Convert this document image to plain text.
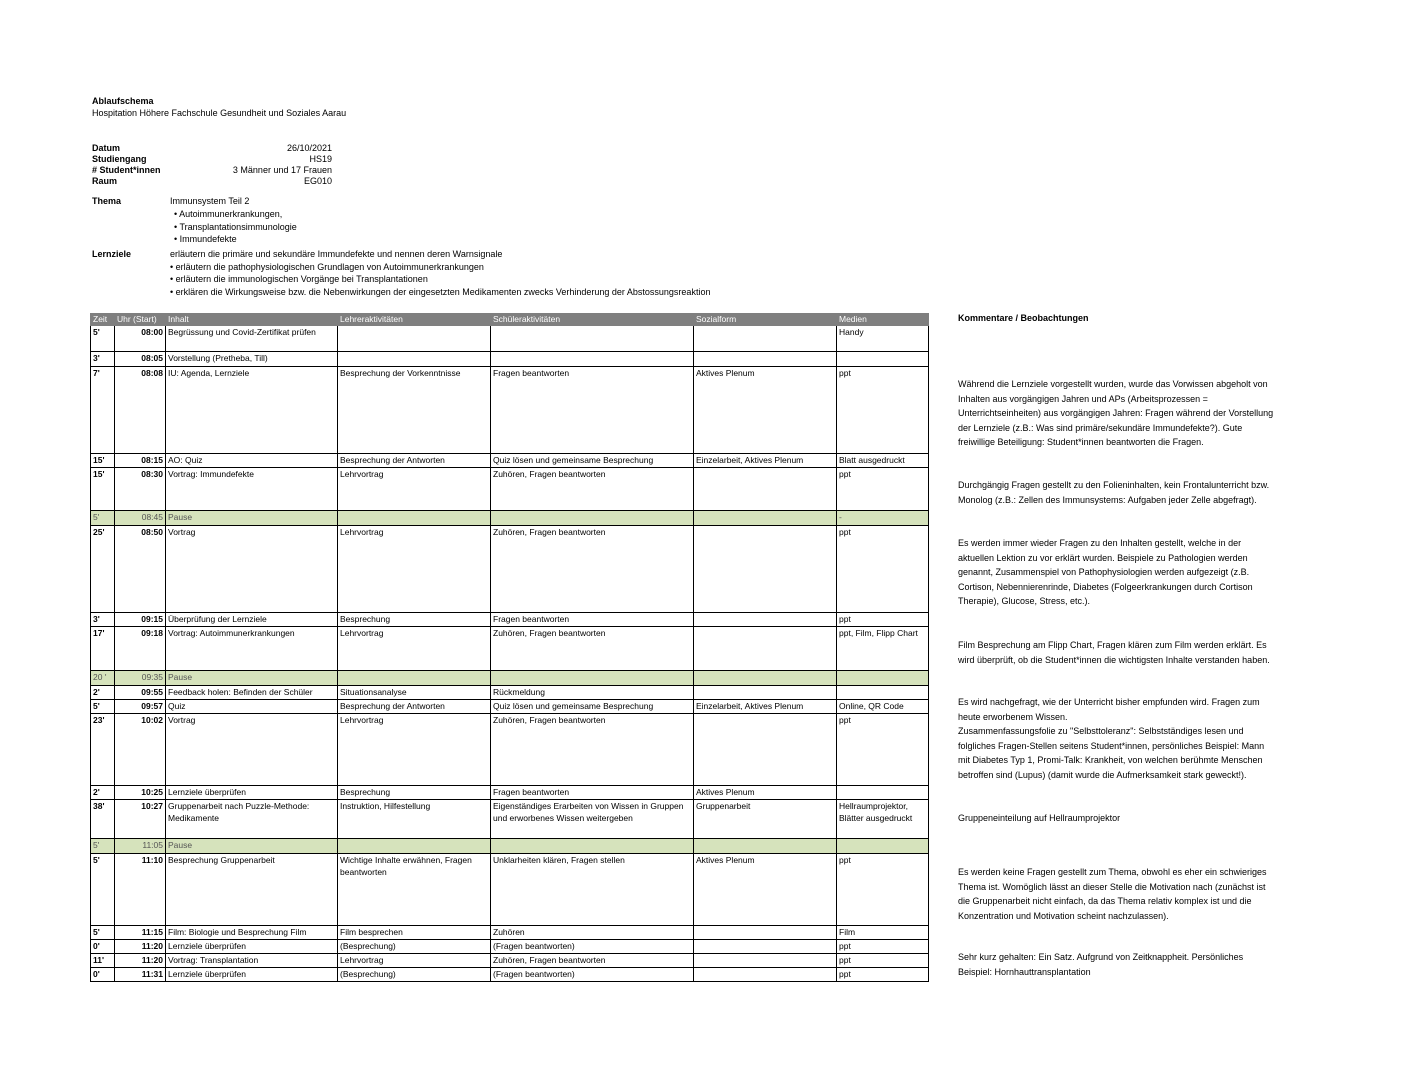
Ablaufschema
Hospitation Höhere Fachschule Gesundheit und Soziales Aarau
Datum	26/10/2021
Studiengang	HS19
# Student*innen	3 Männer und 17 Frauen
Raum	EG010
Thema	Immunsystem Teil 2
• Autoimmunerkrankungen,
• Transplantationsimmunologie
• Immundefekte
Lernziele	erläutern die primäre und sekundäre Immundefekte und nennen deren Warnsignale
• erläutern die pathophysiologischen Grundlagen von Autoimmunerkrankungen
• erläutern die immunologischen Vorgänge bei Transplantationen
• erklären die Wirkungsweise bzw. die Nebenwirkungen der eingesetzten Medikamenten zwecks Verhinderung der Abstossungsreaktion
Zeit	Uhr (Start)	Inhalt	Lehreraktivitäten	Schüleraktivitäten	Sozialform	Medien
5'	08:00	Begrüssung und Covid-Zertifikat prüfen				Handy
3'	08:05	Vorstellung (Pretheba, Till)				
7'	08:08	IU: Agenda, Lernziele	Besprechung der Vorkenntnisse	Fragen beantworten	Aktives Plenum	ppt
15'	08:15	AO: Quiz	Besprechung der Antworten	Quiz lösen und gemeinsame Besprechung	Einzelarbeit, Aktives Plenum	Blatt ausgedruckt
15'	08:30	Vortrag: Immundefekte	Lehrvortrag	Zuhören, Fragen beantworten		ppt
5'	08:45	Pause				-
25'	08:50	Vortrag	Lehrvortrag	Zuhören, Fragen beantworten		ppt
3'	09:15	Überprüfung der Lernziele	Besprechung	Fragen beantworten		ppt
17'	09:18	Vortrag: Autoimmunerkrankungen	Lehrvortrag	Zuhören, Fragen beantworten		ppt, Film, Flipp Chart
20 '	09:35	Pause				
2'	09:55	Feedback holen: Befinden der Schüler	Situationsanalyse	Rückmeldung		
5'	09:57	Quiz	Besprechung der Antworten	Quiz lösen und gemeinsame Besprechung	Einzelarbeit, Aktives Plenum	Online, QR Code
23'	10:02	Vortrag	Lehrvortrag	Zuhören, Fragen beantworten		ppt
2'	10:25	Lernziele überprüfen	Besprechung	Fragen beantworten	Aktives Plenum	
38'	10:27	Gruppenarbeit nach Puzzle-Methode: Medikamente	Instruktion, Hilfestellung	Eigenständiges Erarbeiten von Wissen in Gruppen und erworbenes Wissen weitergeben	Gruppenarbeit	Hellraumprojektor, Blätter ausgedruckt
5'	11:05	Pause				
5'	11:10	Besprechung Gruppenarbeit	Wichtige Inhalte erwähnen, Fragen beantworten	Unklarheiten klären, Fragen stellen	Aktives Plenum	ppt
5'	11:15	Film: Biologie und Besprechung Film	Film besprechen	Zuhören		Film
0'	11:20	Lernziele überprüfen	(Besprechung)	(Fragen beantworten)		ppt
11'	11:20	Vortrag: Transplantation	Lehrvortrag	Zuhören, Fragen beantworten		ppt
0'	11:31	Lernziele überprüfen	(Besprechung)	(Fragen beantworten)		ppt
Kommentare / Beobachtungen
Während die Lernziele vorgestellt wurden, wurde das Vorwissen abgeholt von Inhalten aus vorgängigen Jahren und APs (Arbeitsprozessen = Unterrichtseinheiten) aus vorgängigen Jahren: Fragen während der Vorstellung der Lernziele (z.B.: Was sind primäre/sekundäre Immundefekte?). Gute freiwillige Beteiligung: Student*innen beantworten die Fragen.
Durchgängig Fragen gestellt zu den Folieninhalten, kein Frontalunterricht bzw. Monolog (z.B.: Zellen des Immunsystems: Aufgaben jeder Zelle abgefragt).
Es werden immer wieder Fragen zu den Inhalten gestellt, welche in der aktuellen Lektion zu vor erklärt wurden. Beispiele zu Pathologien werden genannt, Zusammenspiel von Pathophysiologien werden aufgezeigt (z.B. Cortison, Nebennierenrinde, Diabetes (Folgeerkrankungen durch Cortison Therapie), Glucose, Stress, etc.).
Film Besprechung am Flipp Chart, Fragen klären zum Film werden erklärt. Es wird überprüft, ob die Student*innen die wichtigsten Inhalte verstanden haben.
Es wird nachgefragt, wie der Unterricht bisher empfunden wird. Fragen zum heute erworbenem Wissen.
Zusammenfassungsfolie zu "Selbsttoleranz": Selbstständiges lesen und folgliches Fragen-Stellen seitens Student*innen, persönliches Beispiel: Mann mit Diabetes Typ 1, Promi-Talk: Krankheit, von welchen berühmte Menschen betroffen sind (Lupus) (damit wurde die Aufmerksamkeit stark geweckt!).
Gruppeneinteilung auf Hellraumprojektor
Es werden keine Fragen gestellt zum Thema, obwohl es eher ein schwieriges Thema ist. Womöglich lässt an dieser Stelle die Motivation nach (zunächst ist die Gruppenarbeit nicht einfach, da das Thema relativ komplex ist und die Konzentration und Motivation scheint nachzulassen).
Sehr kurz gehalten: Ein Satz. Aufgrund von Zeitknappheit. Persönliches Beispiel: Hornhauttransplantation
